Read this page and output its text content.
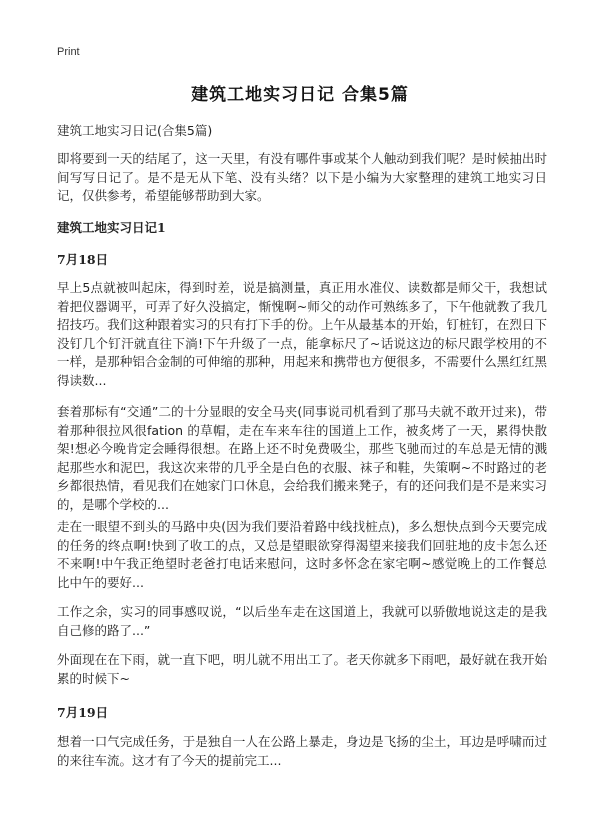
Print
建筑工地实习日记 合集5篇
建筑工地实习日记(合集5篇)

即将要到一天的结尾了，这一天里，有没有哪件事或某个人触动到我们呢？是时候抽出时间写写日记了。是不是无从下笔、没有头绪？以下是小编为大家整理的建筑工地实习日记，仅供参考，希望能够帮助到大家。

建筑工地实习日记1
7月18日

早上5点就被叫起床，得到时差，说是搞测量，真正用水准仪、读数都是师父干，我想试着把仪器调平，可弄了好久没搞定，惭愧啊~师父的动作可熟练多了，下午他就教了我几招技巧。我们这种跟着实习的只有打下手的份。上午从最基本的开始，钉桩钉，在烈日下没钉几个钉汗就直往下淌!下午升级了一点，能拿标尺了~话说这边的标尺跟学校用的不一样，是那种铝合金制的可伸缩的那种，用起来和携带也方便很多，不需要什么黑红红黑得读数...

套着那标有“交通”二的十分显眼的安全马夹(同事说司机看到了那马夫就不敢开过来)，带着那种很拉风很fation 的草帽，走在车来车往的国道上工作，被炙烤了一天，累得快散架!想必今晚肯定会睡得很想。在路上还不时免费吸尘，那些飞驰而过的车总是无情的溅起那些水和泥巴，我这次来带的几乎全是白色的衣服、袜子和鞋，失策啊~不时路过的老乡都很热情，看见我们在她家门口休息，会给我们搬来凳子，有的还问我们是不是来实习的，是哪个学校的...

走在一眼望不到头的马路中央(因为我们要沿着路中线找桩点)，多么想快点到今天要完成的任务的终点啊!快到了收工的点，又总是望眼欲穿得渴望来接我们回驻地的皮卡怎么还不来啊!中午我正绝望时老爸打电话来慰问，这时多怀念在家宅啊~感觉晚上的工作餐总比中午的要好...

工作之余，实习的同事感叹说，“以后坐车走在这国道上，我就可以骄傲地说这走的是我自己修的路了...”

外面现在在下雨，就一直下吧，明儿就不用出工了。老天你就多下雨吧，最好就在我开始累的时候下~

7月19日

想着一口气完成任务，于是独自一人在公路上暴走，身边是飞扬的尘土，耳边是呼啸而过的来往车流。这才有了今天的提前完工...
